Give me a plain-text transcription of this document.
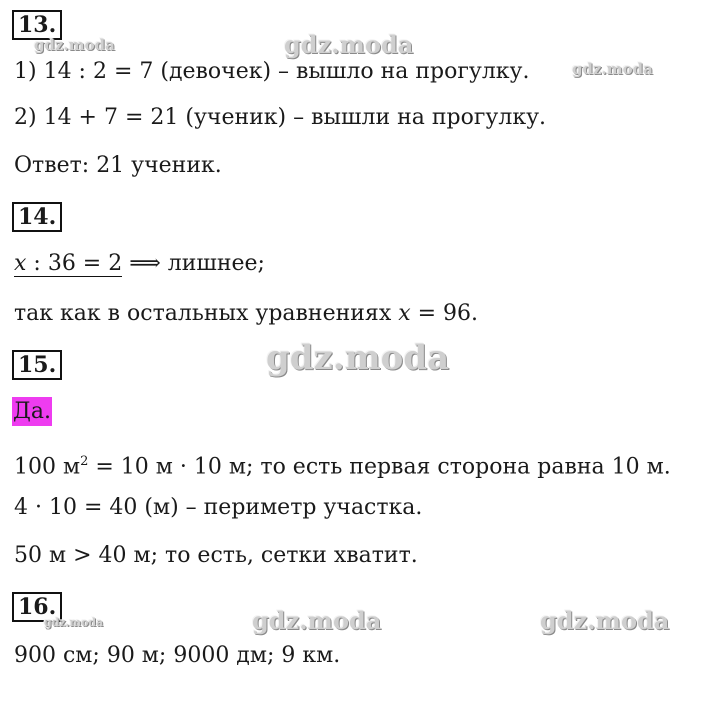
13.
gdz.moda	gdz.moda
1) 14 : 2 = 7 (девочек) – вышло на прогулку.	gdz.moda
2) 14 + 7 = 21 (ученик) – вышли на прогулку.
Ответ: 21 ученик.
14.
x : 36 = 2 ⟹ лишнее;
так как в остальных уравнениях x = 96.
15.	gdz.moda
Да.
100 $м^2 = 10$ м · 10 м; то есть первая сторона равна 10 м.
4 · 10 = 40 (м) – периметр участка.
50 м > 40 м; то есть, сетки хватит.
16.
gdz.moda	gdz.moda	gdz.moda
900 см; 90 м; 9000 дм; 9 км.
